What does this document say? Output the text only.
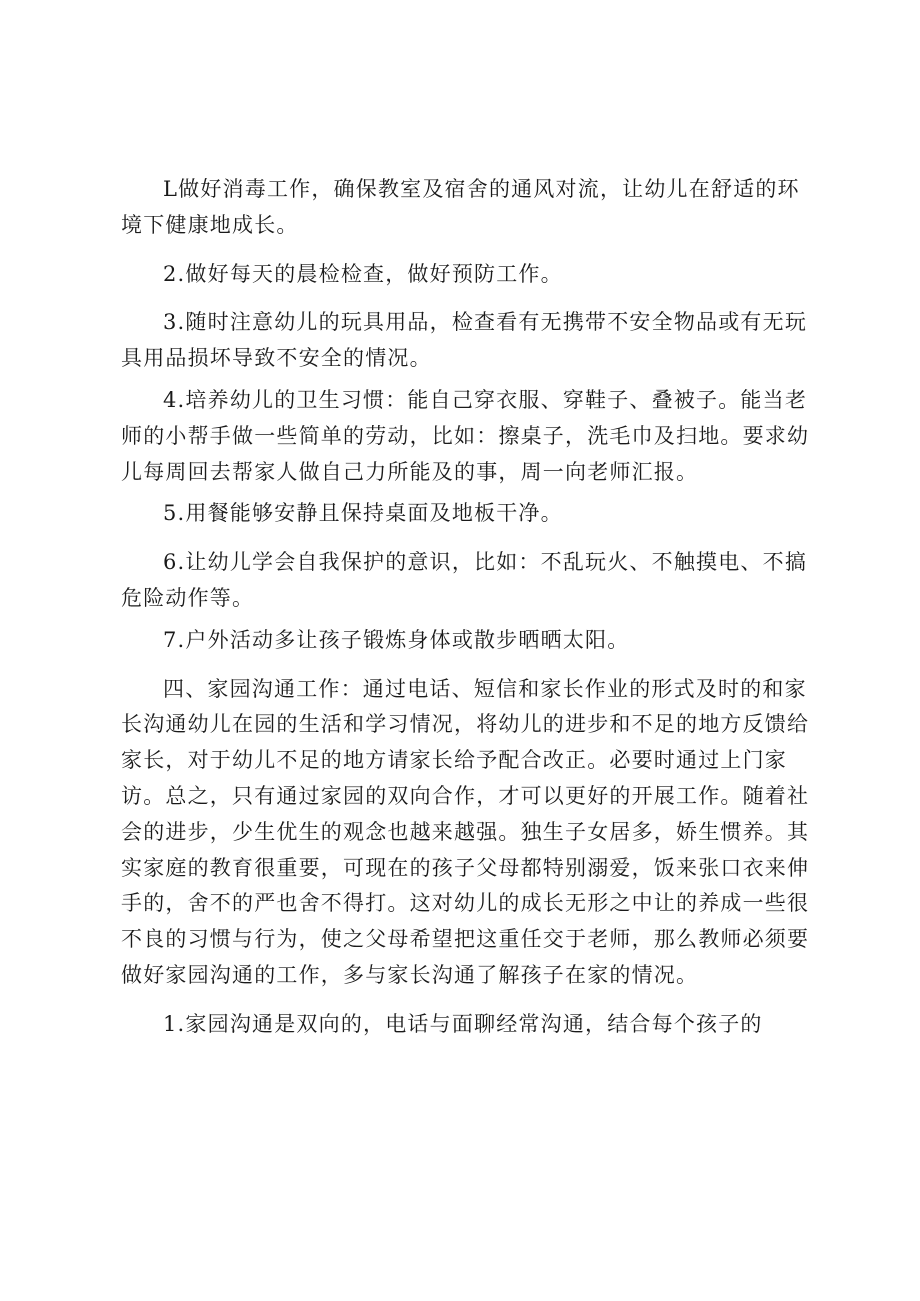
L做好消毒工作，确保教室及宿舍的通风对流，让幼儿在舒适的环境下健康地成长。

2.做好每天的晨检检查，做好预防工作。

3.随时注意幼儿的玩具用品，检查看有无携带不安全物品或有无玩具用品损坏导致不安全的情况。

4.培养幼儿的卫生习惯：能自己穿衣服、穿鞋子、叠被子。能当老师的小帮手做一些简单的劳动，比如：擦桌子，洗毛巾及扫地。要求幼儿每周回去帮家人做自己力所能及的事，周一向老师汇报。

5.用餐能够安静且保持桌面及地板干净。

6.让幼儿学会自我保护的意识，比如：不乱玩火、不触摸电、不搞危险动作等。

7.户外活动多让孩子锻炼身体或散步晒晒太阳。

四、家园沟通工作：通过电话、短信和家长作业的形式及时的和家长沟通幼儿在园的生活和学习情况，将幼儿的进步和不足的地方反馈给家长，对于幼儿不足的地方请家长给予配合改正。必要时通过上门家访。总之，只有通过家园的双向合作，才可以更好的开展工作。随着社会的进步，少生优生的观念也越来越强。独生子女居多，娇生惯养。其实家庭的教育很重要，可现在的孩子父母都特别溺爱，饭来张口衣来伸手的，舍不的严也舍不得打。这对幼儿的成长无形之中让的养成一些很不良的习惯与行为，使之父母希望把这重任交于老师，那么教师必须要做好家园沟通的工作，多与家长沟通了解孩子在家的情况。

1.家园沟通是双向的，电话与面聊经常沟通，结合每个孩子的
